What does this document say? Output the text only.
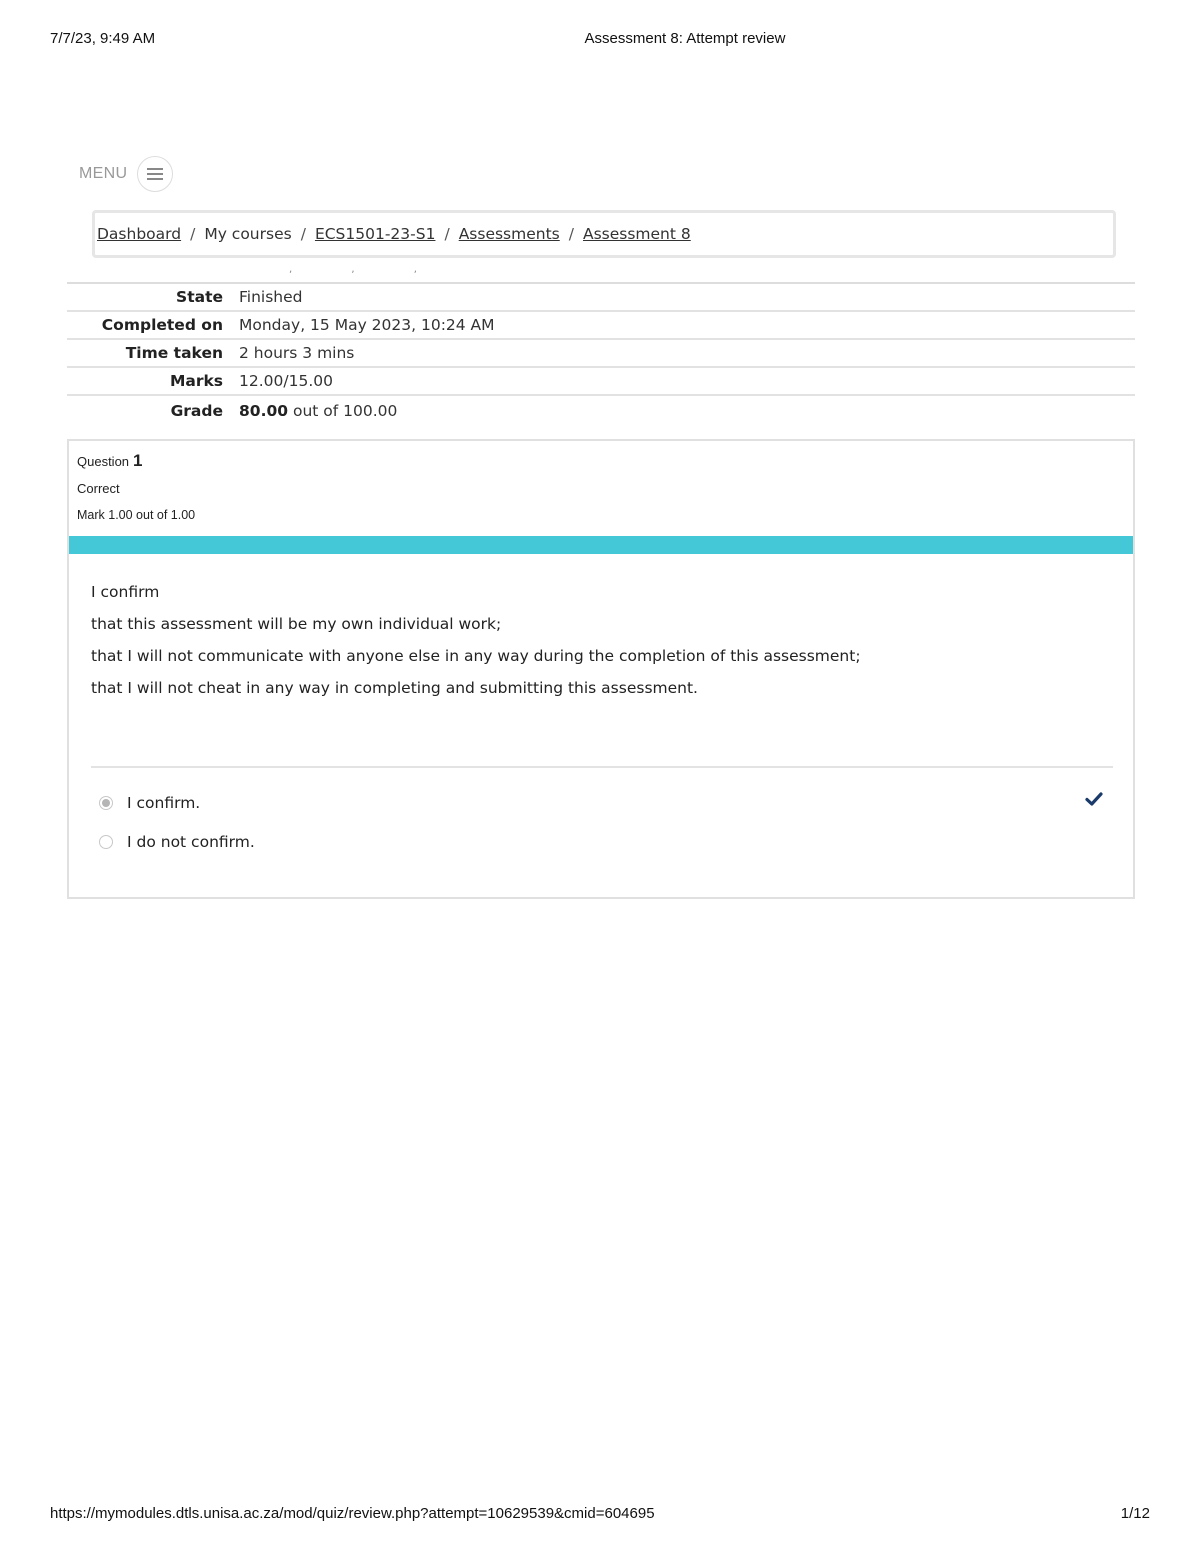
7/7/23, 9:49 AM	Assessment 8: Attempt review
MENU
Dashboard / My courses / ECS1501-23-S1 / Assessments / Assessment 8
, , ,
State	Finished
Completed on	Monday, 15 May 2023, 10:24 AM
Time taken	2 hours 3 mins
Marks	12.00/15.00
Grade	80.00 out of 100.00
Question 1
Correct
Mark 1.00 out of 1.00

I confirm

that this assessment will be my own individual work;

that I will not communicate with anyone else in any way during the completion of this assessment;

that I will not cheat in any way in completing and submitting this assessment.

I confirm.
I do not confirm.
https://mymodules.dtls.unisa.ac.za/mod/quiz/review.php?attempt=10629539&cmid=604695	1/12
